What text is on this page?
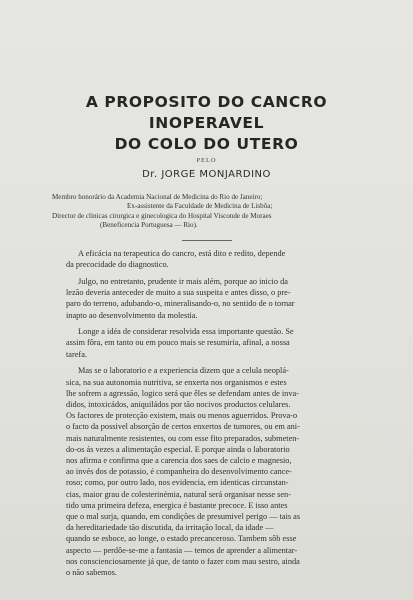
A PROPOSITO DO CANCRO
INOPERAVEL
DO COLO DO UTERO
PELO
Dr. JORGE MONJARDINO
Membro honorário da Academia Nacional de Medicina do Rio de Janeiro;
Ex-assistente da Faculdade de Medicina de Lisbôa;
Director de clinicas cirurgica e ginecologica do Hospital Visconde de Moraes
(Beneficencia Portuguesa — Rio).
A eficácia na terapeutica do cancro, está dito e redito, depende
da precocidade do diagnostico.
Julgo, no entretanto, prudente ir mais além, porque ao inicio da
lezão deveria anteceder de muito a sua suspeita e antes disso, o pre-
paro do terreno, adubando-o, mineralisando-o, no sentido de o tornar
inapto ao desenvolvimento da molestia.
Longe a idéa de considerar resolvida essa importante questão. Se
assim fôra, em tanto ou em pouco mais se resumiria, afinal, a nossa
tarefa.
Mas se o laboratorio e a experiencia dizem que a celula neoplá-
sica, na sua autonomia nutritiva, se enxerta nos organismos e estes
lhe sofrem a agressão, logico será que êles se defendam antes de inva-
didos, intoxicádos, aniquiládos por tão nocivos productos celulares.
Os factores de protecção existem, mais ou menos aguerridos. Prova-o
o facto da possivel absorção de certos enxertos de tumores, ou em ani-
mais naturalmente resistentes, ou com esse fito preparados, submeten-
do-os ás vezes a alimentação especial. E porque ainda o laboratorio
nos afirma e confirma que a carencia dos saes de calcio e magnesio,
ao invés dos de potassio, é companheira do desenvolvimento cance-
roso; como, por outro lado, nos evidencia, em identicas circunstan-
cias, maior grau de colesterinémia, natural será organisar nesse sen-
tido uma primeira defeza, energica é bastante precoce. E isso antes
que o mal surja, quando, em condições de presumivel perigo — tais as
da hereditariedade tão discutida, da irritação local, da idade —
quando se esboce, ao longe, o estado precanceroso. Tambem sôb esse
aspecto — perdôe-se-me a fantasia — temos de aprender a alimentar-
nos conscienciosamente já que, de tanto o fazer com mau sestro, ainda
o não sabemos.
